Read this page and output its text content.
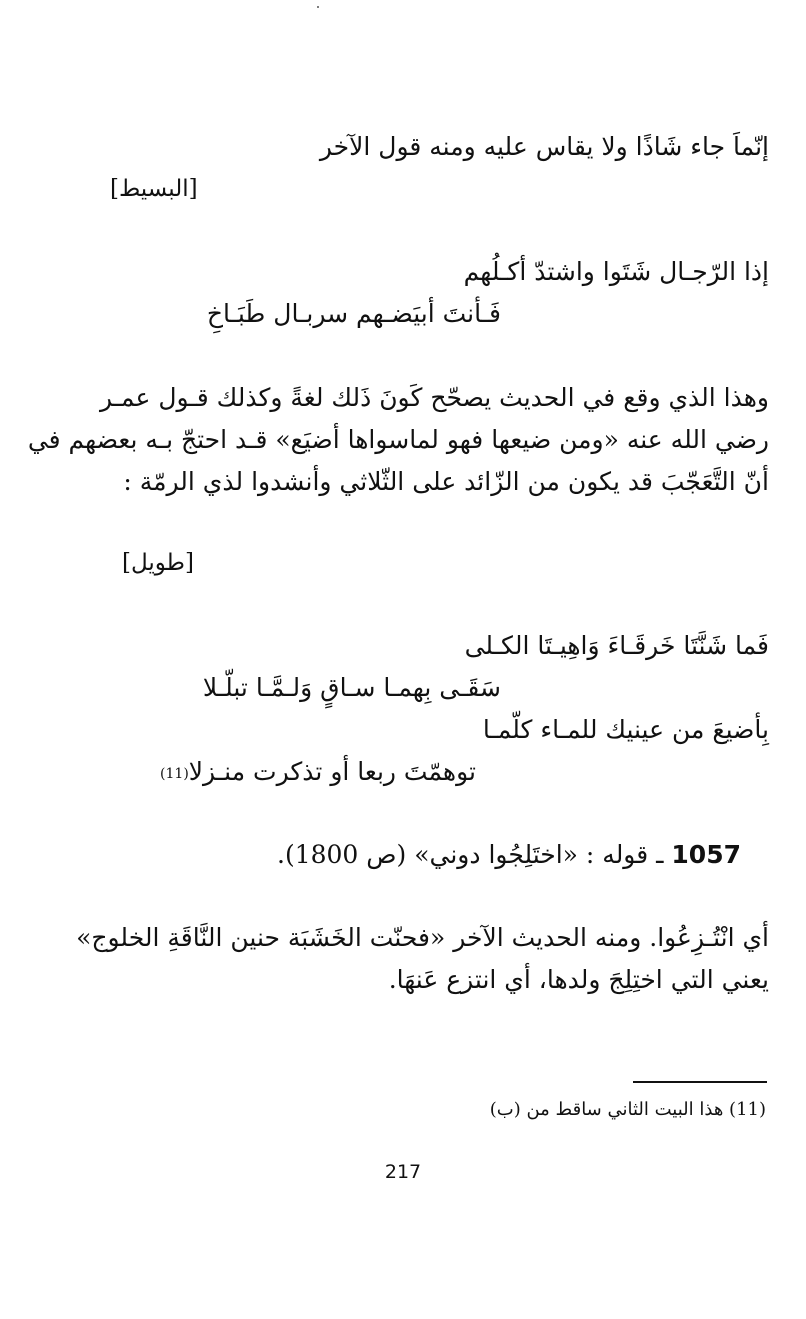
إنّماَ جاء شَاذًا ولا يقاس عليه ومنه قول الآخر
[البسيط]
إذا الرّجـال شَتَوا واشتدّ أكـلُهم
فَـأنتَ أبيَضـهم سربـال طَبَـاخِ
وهذا الذي وقع في الحديث يصحّح كَونَ ذَلك لغةً وكذلك قـول عمـر
رضي الله عنه «ومن ضيعها فهو لماسواها أضيَع» قـد احتجّ بـه بعضهم في
أنّ التَّعَجّبَ قد يكون من الزّائد على الثّلاثي وأنشدوا لذي الرمّة :
[طويل]
فَما شَنَّتَا خَرقَـاءَ وَاهِيـتَا الكـلى
سَقَـى بِهمـا سـاقٍ وَلـمَّـا تبلّـلا
بِأضيعَ من عينيك للمـاء كلّمـا
توهمّتَ ربعا أو تذكرت منـزلا(11)
1057 ـ قوله : «اختَلِجُوا دوني» (ص 1800).
أي انْتُـزِعُوا. ومنه الحديث الآخر «فحنّت الخَشَبَة حنين النَّاقَةِ الخلوج»
يعني التي اختِلِجَ ولدها، أي انتزع عَنهَا.
(11) هذا البيت الثاني ساقط من (ب)
217
